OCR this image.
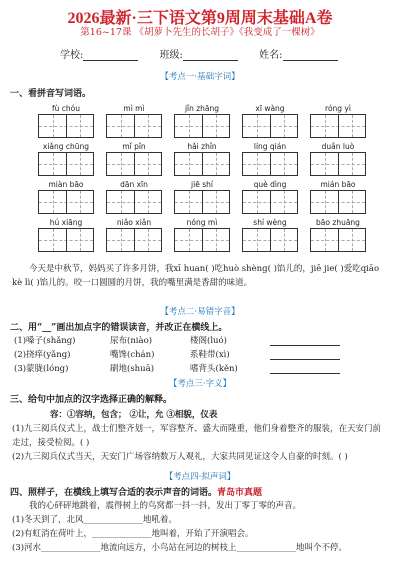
2026最新·三下语文第9周周末基础A卷
第16~17课 《胡萝卜先生的长胡子》《我变成了一棵树》
学校:	班级:	姓名:
【考点一·基础字词】
一、看拼音写词语。
fù chóu	mì mì	jǐn zhāng	xī wàng	róng yì
xiǎng chūng	mǐ pǐn	hǎi zhǐn	líng qián	duǎn luò
miàn bāo	dān xīn	jiē shí	què dìng	mián bāo
hú xiāng	niǎo xiǎn	nóng mì	shí wèng	bāo zhuāng
今天是中秋节，妈妈买了许多月饼，我xī huan( )吃huò shèng( )馅儿的，jiē jie( )爱吃qiāo kè lì( )馅儿的。咬一口圆圆的月饼，我的嘴里满是香甜的味道。
【考点二·易错字音】
二、用“__”画出加点字的错误读音，并改正在横线上。
(1)嗓子(shǎng)	尿布(niào)	楼阁(luó)
(2)挠痒(yǎng)	嘴馋(chán)	系鞋带(xì)
(3)蒙胧(lóng)	刷地(shuā)	嗜背头(kěn)
【考点三·字义】
三、给句中加点的汉字选择正确的解释。
容：①容纳，包含； ②让，允 ③相貌，仪表
(1)九三阅兵仪式上，战士们整齐划一，军容整齐、盛大而隆重，他们身着整齐的服装，在天安门前走过，接受检阅。( )
(2)九三阅兵仪式当天，天安门广场容纳数万人观礼，大家共同见证这令人自豪的时刻。( )
【考点四·拟声词】
四、照样子，在横线上填写合适的表示声音的词语。青岛市真题
我的心砰砰地跳着，震得树上的鸟窝都一抖一抖，发出丁零丁零的声音。
(1)冬天到了，北风______________地吼着。
(2)有虹消在荷叶上，______________地叫着，开始了开演唱会。
(3)河水______________地流向远方，小鸟站在河边的树枝上______________地叫个不停。
